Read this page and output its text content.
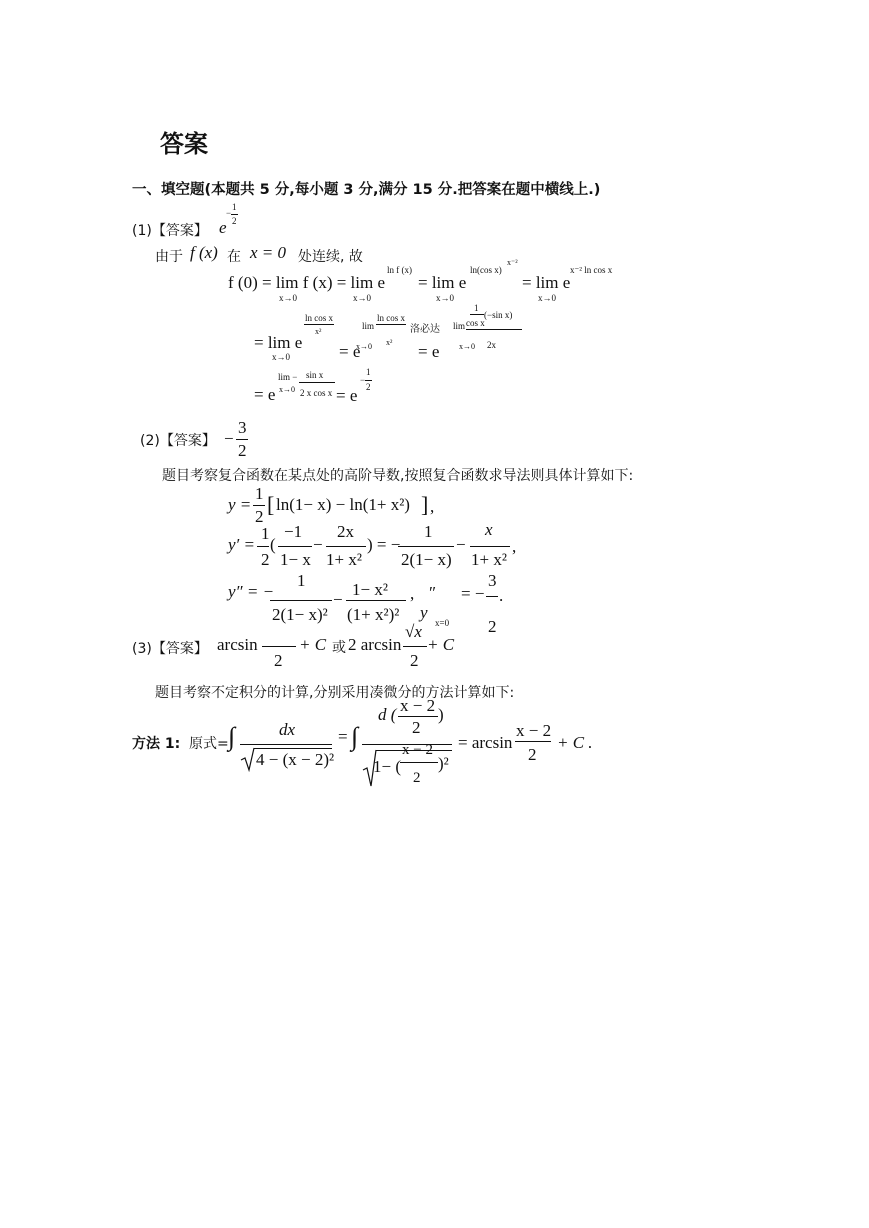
答案
一、填空题(本题共 5 分,每小题 3 分,满分 15 分.把答案在题中横线上.)
(1)【答案】 e
−
1
2
由于 f (x) 在 x = 0 处连续, 故
f (0) = lim f (x) = lim e
x→0	x→0
ln f (x)
= lim e
x→0
ln(cos x)
x⁻²
= lim e
x→0
x⁻² ln cos x
= lim e
x→0
ln cos x
x²
= e
lim
x→0
ln cos x
x²
洛必达
= e x→0
lim
1
cos x
(−sin x)
2x
= e
lim −
x→0
sin x
2 x cos x = e
−
1
2
(2)【答案】 −
3
2
题目考察复合函数在某点处的高阶导数,按照复合函数求导法则具体计算如下:
y =
1
2 [ ln(1− x) − ln(1+ x²) ] ,
y′ =
1
2
(
−1
1− x
−
2x
1+ x²
) = −
1
2(1− x)
−
x
1+ x²
,
y″ = −
1
2(1− x)²
−
1− x²
(1+ x²)²
,
y
″
x=0
= −
3
2
.
(3)【答案】 arcsin
2
+ C 或 2 arcsin
√x
2
+ C
题目考察不定积分的计算,分别采用凑微分的方法计算如下:
方法 1: 原式= ∫	dx
4 − (x − 2)²
= ∫
d ( x − 2
2
)
1− (
x − 2
2
)²
= arcsin
x − 2
2
+ C .
